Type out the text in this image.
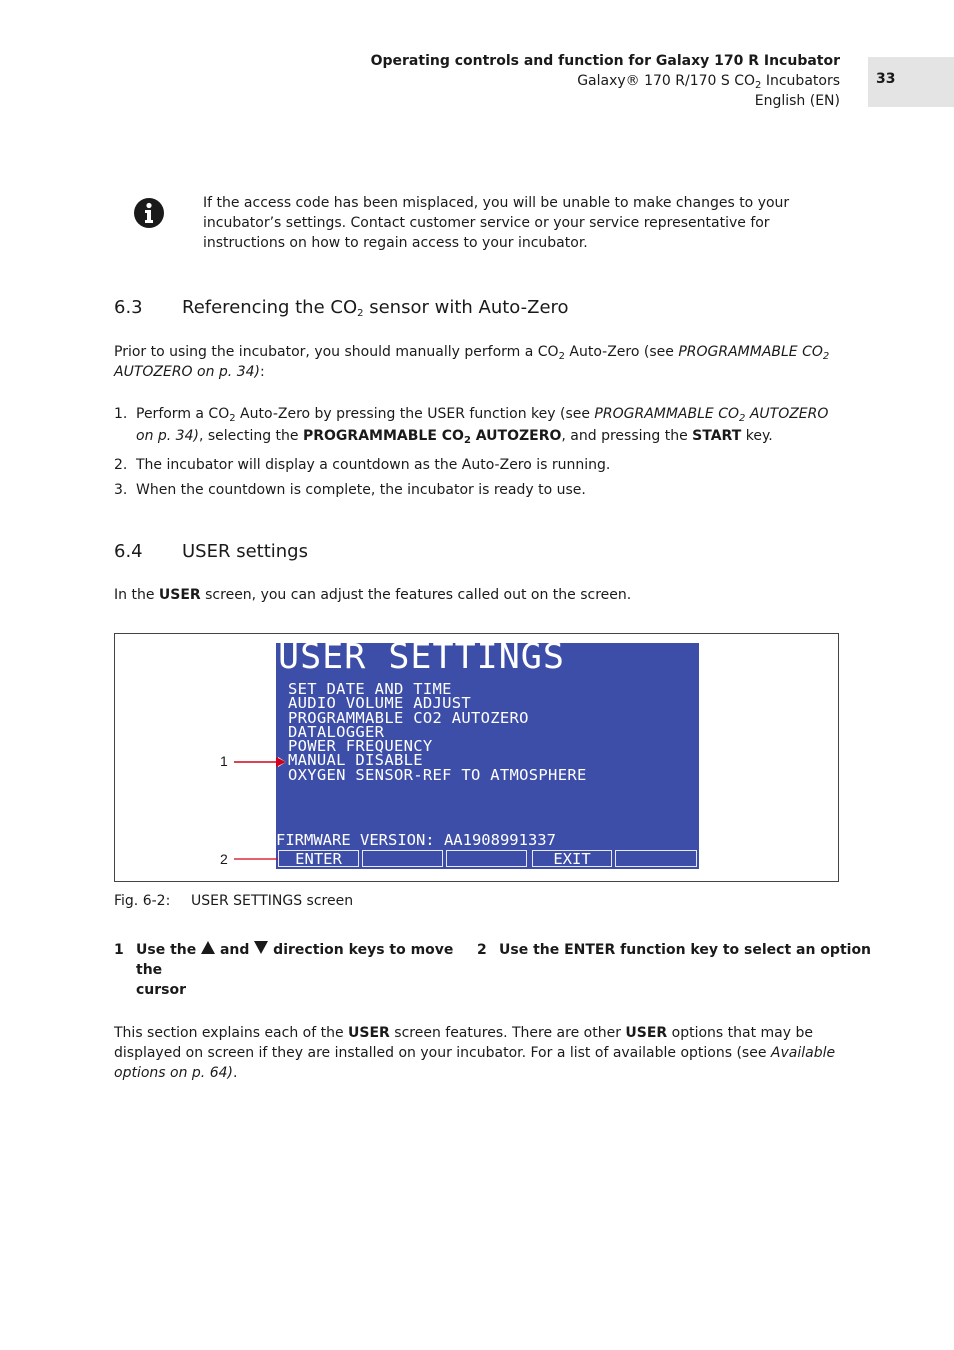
Operating controls and function for Galaxy 170 R Incubator
Galaxy® 170 R/170 S $CO_2$ Incubators
English (EN)
33
If the access code has been misplaced, you will be unable to make changes to your incubator’s settings. Contact customer service or your service representative for instructions on how to regain access to your incubator.
6.3 Referencing the $CO_2$ sensor with Auto-Zero
Prior to using the incubator, you should manually perform a $CO_2$ Auto-Zero (see PROGRAMMABLE $CO_2$ AUTOZERO on p. 34):
1. Perform a $CO_2$ Auto-Zero by pressing the USER function key (see PROGRAMMABLE $CO_2$ AUTOZERO on p. 34), selecting the PROGRAMMABLE $CO_2$ AUTOZERO, and pressing the START key.
2. The incubator will display a countdown as the Auto-Zero is running.
3. When the countdown is complete, the incubator is ready to use.
6.4 USER settings
In the USER screen, you can adjust the features called out on the screen.
USER SETTINGS
SET DATE AND TIME
AUDIO VOLUME ADJUST
PROGRAMMABLE CO2 AUTOZERO
DATALOGGER
POWER FREQUENCY
MANUAL DISABLE
OXYGEN SENSOR-REF TO ATMOSPHERE
FIRMWARE VERSION: AA1908991337
ENTER	EXIT
1
2
Fig. 6-2: USER SETTINGS screen
1 Use the  and  direction keys to move the
cursor
2 Use the ENTER function key to select an option
This section explains each of the USER screen features. There are other USER options that may be displayed on screen if they are installed on your incubator. For a list of available options (see Available options on p. 64).
